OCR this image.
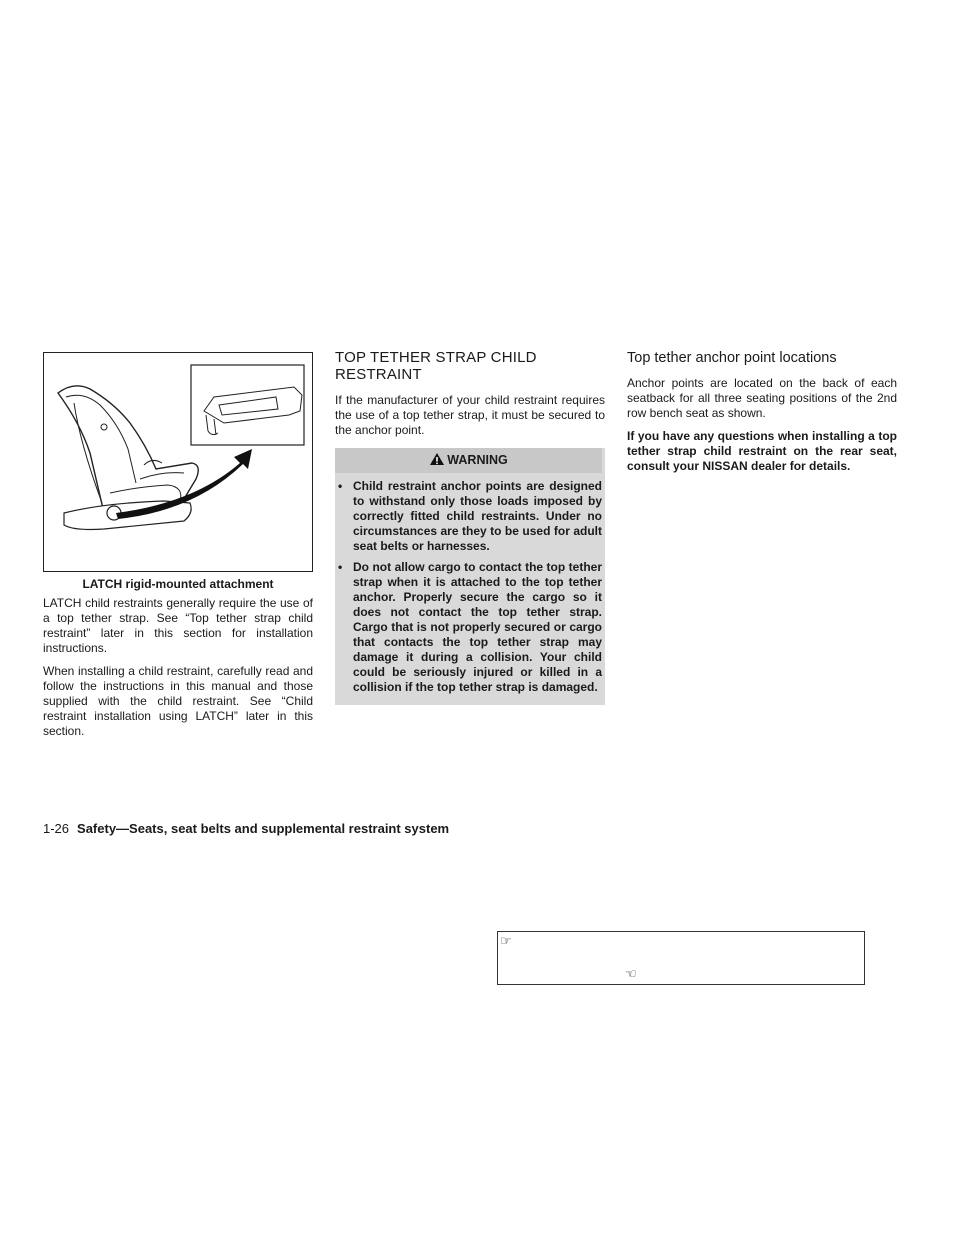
LATCH rigid-mounted attachment

LATCH child restraints generally require the use of a top tether strap. See “Top tether strap child restraint” later in this section for installation instructions.

When installing a child restraint, carefully read and follow the instructions in this manual and those supplied with the child restraint. See “Child restraint installation using LATCH” later in this section.

TOP TETHER STRAP CHILD RESTRAINT

If the manufacturer of your child restraint requires the use of a top tether strap, it must be secured to the anchor point.

WARNING
• Child restraint anchor points are designed to withstand only those loads imposed by correctly fitted child restraints. Under no circumstances are they to be used for adult seat belts or harnesses.
• Do not allow cargo to contact the top tether strap when it is attached to the top tether anchor. Properly secure the cargo so it does not contact the top tether strap. Cargo that is not properly secured or cargo that contacts the top tether strap may damage it during a collision. Your child could be seriously injured or killed in a collision if the top tether strap is damaged.
Top tether anchor point locations

Anchor points are located on the back of each seatback for all three seating positions of the 2nd row bench seat as shown.

If you have any questions when installing a top tether strap child restraint on the rear seat, consult your NISSAN dealer for details.

1-26 Safety—Seats, seat belts and supplemental restraint system
☞
☜
